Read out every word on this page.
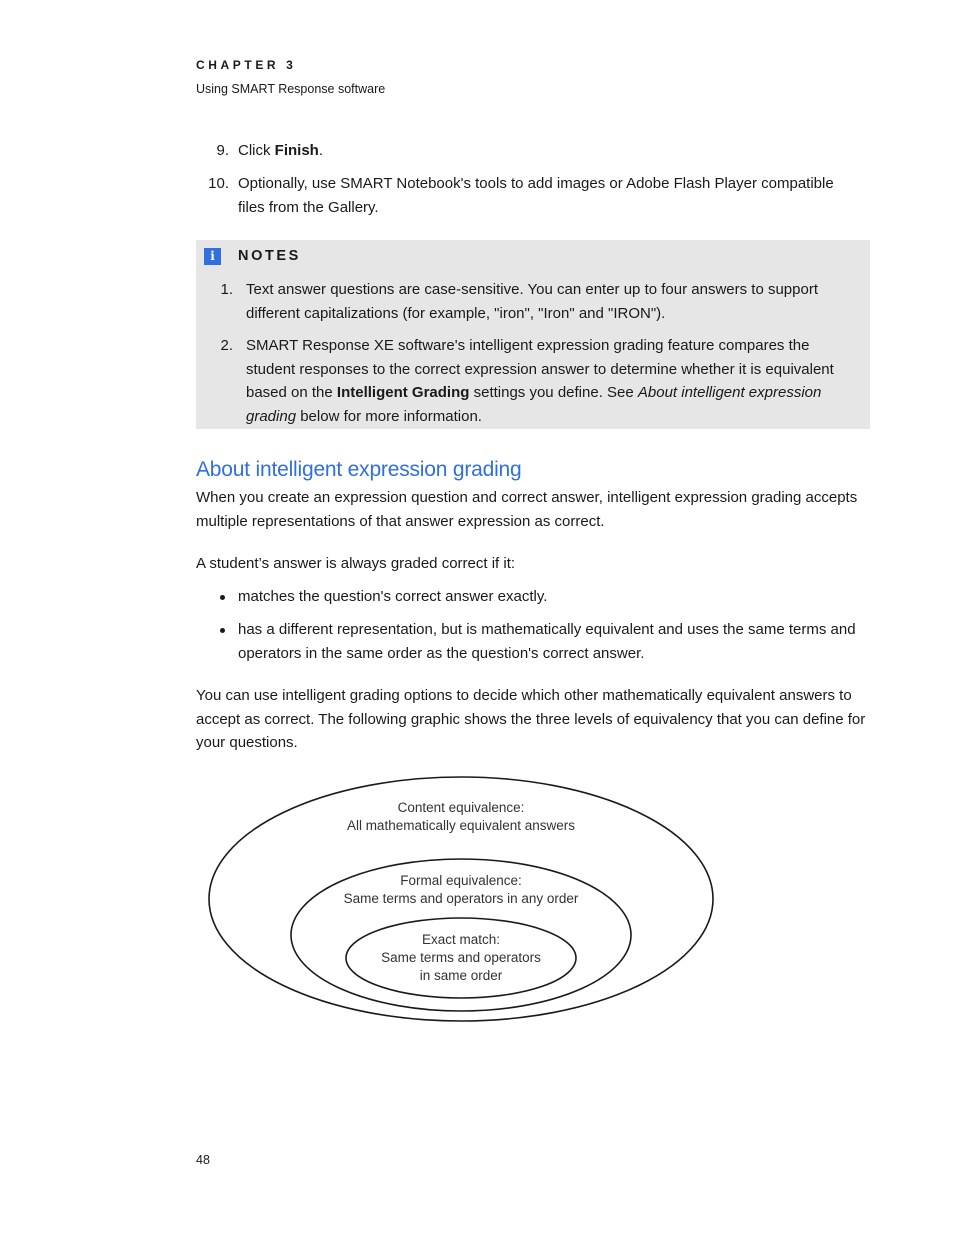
CHAPTER 3
Using SMART Response software
9. Click Finish.
10. Optionally, use SMART Notebook's tools to add images or Adobe Flash Player compatible
files from the Gallery.
i	NOTES
1. Text answer questions are case-sensitive. You can enter up to four answers to support
different capitalizations (for example, "iron", "Iron" and "IRON").
2. SMART Response XE software's intelligent expression grading feature compares the
student responses to the correct expression answer to determine whether it is equivalent
based on the Intelligent Grading settings you define. See About intelligent expression
grading below for more information.
About intelligent expression grading
When you create an expression question and correct answer, intelligent expression grading accepts
multiple representations of that answer expression as correct.
A student’s answer is always graded correct if it:
matches the question's correct answer exactly.
has a different representation, but is mathematically equivalent and uses the same terms and
operators in the same order as the question's correct answer.
You can use intelligent grading options to decide which other mathematically equivalent answers to
accept as correct. The following graphic shows the three levels of equivalency that you can define for
your questions.
Content equivalence:
All mathematically equivalent answers
Formal equivalence:
Same terms and operators in any order
Exact match:
Same terms and operators
in same order
48
